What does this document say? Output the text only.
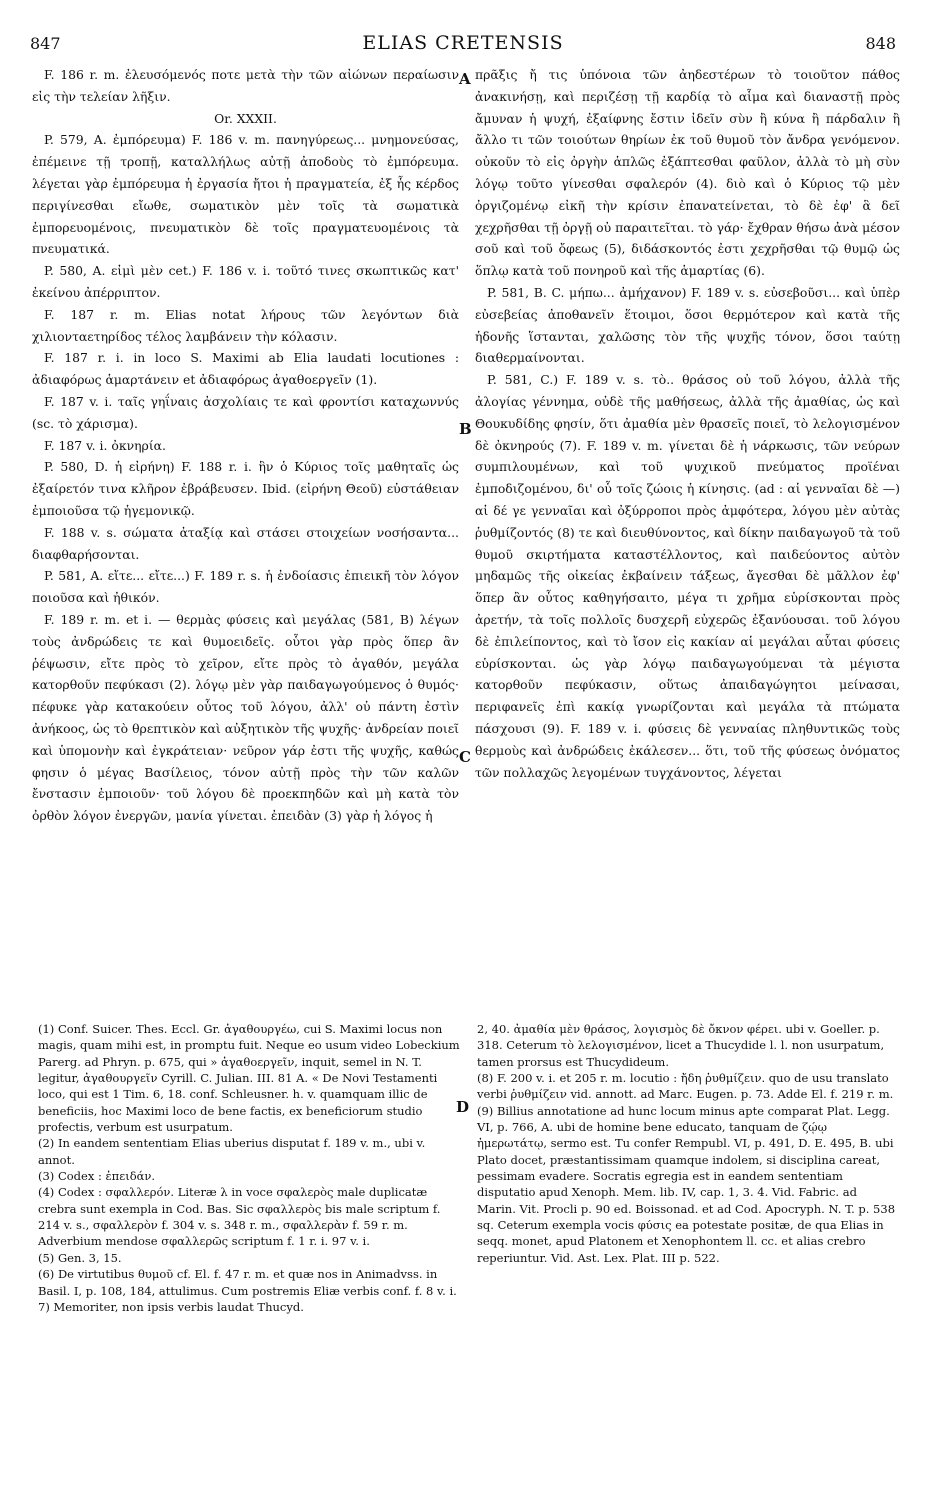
847	ELIAS CRETENSIS	848

F. 186 r. m. ἐλευσόμενός ποτε μετὰ τὴν τῶν αἰώνων περαίωσιν εἰς τὴν τελείαν λῆξιν.

Or. XXXII.

P. 579, A. ἐμπόρευμα) F. 186 v. m. πανηγύρεως... μνημονεύσας, ἐπέμεινε τῇ τροπῇ, καταλλήλως αὐτῇ ἀποδοὺς τὸ ἐμπόρευμα. λέγεται γὰρ ἐμπόρευμα ἡ ἐργασία ἤτοι ἡ πραγματεία, ἐξ ἧς κέρδος περιγίνεσθαι εἴωθε, σωματικὸν μὲν τοῖς τὰ σωματικὰ ἐμπορευομένοις, πνευματικὸν δὲ τοῖς πραγματευομένοις τὰ πνευματικά.

P. 580, A. εἰμὶ μὲν cet.) F. 186 v. i. τοῦτό τινες σκωπτικῶς κατ' ἐκείνου ἀπέρριπτον.

F. 187 r. m. Elias notat λήρους τῶν λεγόντων διὰ χιλιονταετηρίδος τέλος λαμβάνειν τὴν κόλασιν.

F. 187 r. i. in loco S. Maximi ab Elia laudati locutiones : ἀδιαφόρως ἁμαρτάνειν et ἀδιαφόρως ἀγαθοεργεῖν (1).

F. 187 v. i. ταῖς γηΐναις ἀσχολίαις τε καὶ φροντίσι καταχωννύς (sc. τὸ χάρισμα).

F. 187 v. i. ὀκνηρία.

P. 580, D. ἡ εἰρήνη) F. 188 r. i. ἣν ὁ Κύριος τοῖς μαθηταῖς ὡς ἐξαίρετόν τινα κλῆρον ἐβράβευσεν. Ibid. (εἰρήνη Θεοῦ) εὐστάθειαν ἐμποιοῦσα τῷ ἡγεμονικῷ.

F. 188 v. s. σώματα ἀταξίᾳ καὶ στάσει στοιχείων νοσήσαντα... διαφθαρήσονται.

P. 581, A. εἴτε... εἴτε...) F. 189 r. s. ἡ ἐνδοίασις ἐπιεικῆ τὸν λόγον ποιοῦσα καὶ ἠθικόν.

F. 189 r. m. et i. — θερμὰς φύσεις καὶ μεγάλας (581, B) λέγων τοὺς ἀνδρώδεις τε καὶ θυμοειδεῖς. οὗτοι γὰρ πρὸς ὅπερ ἂν ῥέψωσιν, εἴτε πρὸς τὸ χεῖρον, εἴτε πρὸς τὸ ἀγαθόν, μεγάλα κατορθοῦν πεφύκασι (2). λόγῳ μὲν γὰρ παιδαγωγούμενος ὁ θυμός· πέφυκε γὰρ κατακούειν οὗτος τοῦ λόγου, ἀλλ' οὐ πάντη ἐστὶν ἀνήκοος, ὡς τὸ θρεπτικὸν καὶ αὐξητικὸν τῆς ψυχῆς· ἀνδρείαν ποιεῖ καὶ ὑπομονὴν καὶ ἐγκράτειαν· νεῦρον γάρ ἐστι τῆς ψυχῆς, καθώς φησιν ὁ μέγας Βασίλειος, τόνον αὐτῇ πρὸς τὴν τῶν καλῶν ἔνστασιν ἐμποιοῦν· τοῦ λόγου δὲ προεκπηδῶν καὶ μὴ κατὰ τὸν ὀρθὸν λόγον ἐνεργῶν, μανία γίνεται. ἐπειδὰν (3) γὰρ ἡ λόγος ἡ

A
B
C
D

πρᾶξις ἤ τις ὑπόνοια τῶν ἀηδεστέρων τὸ τοιοῦτον πάθος ἀνακινήσῃ, καὶ περιζέσῃ τῇ καρδίᾳ τὸ αἷμα καὶ διαναστῇ πρὸς ἄμυναν ἡ ψυχή, ἐξαίφνης ἔστιν ἰδεῖν σὺν ἢ κύνα ἢ πάρδαλιν ἢ ἄλλο τι τῶν τοιούτων θηρίων ἐκ τοῦ θυμοῦ τὸν ἄνδρα γενόμενον. οὐκοῦν τὸ εἰς ὀργὴν ἁπλῶς ἐξάπτεσθαι φαῦλον, ἀλλὰ τὸ μὴ σὺν λόγῳ τοῦτο γίνεσθαι σφαλερόν (4). διὸ καὶ ὁ Κύριος τῷ μὲν ὀργιζομένῳ εἰκῆ τὴν κρίσιν ἐπανατείνεται, τὸ δὲ ἐφ' ἃ δεῖ χεχρῆσθαι τῇ ὀργῇ οὐ παραιτεῖται. τὸ γάρ· ἔχθραν θήσω ἀνὰ μέσον σοῦ καὶ τοῦ ὄφεως (5), διδάσκοντός ἐστι χεχρῆσθαι τῷ θυμῷ ὡς ὅπλῳ κατὰ τοῦ πονηροῦ καὶ τῆς ἁμαρτίας (6).

P. 581, B. C. μήπω... ἀμήχανον) F. 189 v. s. εὐσεβοῦσι... καὶ ὑπὲρ εὐσεβείας ἀποθανεῖν ἕτοιμοι, ὅσοι θερμότερον καὶ κατὰ τῆς ἡδονῆς ἵστανται, χαλῶσης τὸν τῆς ψυχῆς τόνον, ὅσοι ταύτῃ διαθερμαίνονται.

P. 581, C.) F. 189 v. s. τὸ.. θράσος οὐ τοῦ λόγου, ἀλλὰ τῆς ἀλογίας γέννημα, οὐδὲ τῆς μαθήσεως, ἀλλὰ τῆς ἀμαθίας, ὡς καὶ Θουκυδίδης φησίν, ὅτι ἀμαθία μὲν θρασεῖς ποιεῖ, τὸ λελογισμένον δὲ ὀκνηρούς (7). F. 189 v. m. γίνεται δὲ ἡ νάρκωσις, τῶν νεύρων συμπιλουμένων, καὶ τοῦ ψυχικοῦ πνεύματος προϊέναι ἐμποδιζομένου, δι' οὗ τοῖς ζώοις ἡ κίνησις. (ad : αἱ γενναῖαι δὲ —) αἱ δέ γε γενναῖαι καὶ ὀξύρροποι πρὸς ἀμφότερα, λόγου μὲν αὐτὰς ῥυθμίζοντός (8) τε καὶ διευθύνοντος, καὶ δίκην παιδαγωγοῦ τὰ τοῦ θυμοῦ σκιρτήματα καταστέλλοντος, καὶ παιδεύοντος αὐτὸν μηδαμῶς τῆς οἰκείας ἐκβαίνειν τάξεως, ἄγεσθαι δὲ μᾶλλον ἐφ' ὅπερ ἂν οὗτος καθηγήσαιτο, μέγα τι χρῆμα εὑρίσκονται πρὸς ἀρετήν, τὰ τοῖς πολλοῖς δυσχερῆ εὐχερῶς ἐξανύουσαι. τοῦ λόγου δὲ ἐπιλείποντος, καὶ τὸ ἴσον εἰς κακίαν αἱ μεγάλαι αὗται φύσεις εὑρίσκονται. ὡς γὰρ λόγῳ παιδαγωγούμεναι τὰ μέγιστα κατορθοῦν πεφύκασιν, οὕτως ἀπαιδαγώγητοι μείνασαι, περιφανεῖς ἐπὶ κακίᾳ γνωρίζονται καὶ μεγάλα τὰ πτώματα πάσχουσι (9). F. 189 v. i. φύσεις δὲ γενναίας πληθυντικῶς τοὺς θερμοὺς καὶ ἀνδρώδεις ἐκάλεσεν... ὅτι, τοῦ τῆς φύσεως ὀνόματος τῶν πολλαχῶς λεγομένων τυγχάνοντος, λέγεται

(1) Conf. Suicer. Thes. Eccl. Gr. ἀγαθουργέω, cui S. Maximi locus non magis, quam mihi est, in promptu fuit. Neque eo usum video Lobeckium Parerg. ad Phryn. p. 675, qui » ἀγαθοεργεῖν, inquit, semel in N. T. legitur, ἀγαθουργεῖν Cyrill. C. Julian. III. 81 A. « De Novi Testamenti loco, qui est 1 Tim. 6, 18. conf. Schleusner. h. v. quamquam illic de beneficiis, hoc Maximi loco de bene factis, ex beneficiorum studio profectis, verbum est usurpatum.

(2) In eandem sententiam Elias uberius disputat f. 189 v. m., ubi v. annot.

(3) Codex : ἐπειδάν.

(4) Codex : σφαλλερόν. Literæ λ in voce σφαλερὸς male duplicatæ crebra sunt exempla in Cod. Bas. Sic σφαλλερὸς bis male scriptum f. 214 v. s., σφαλλερὸν f. 304 v. s. 348 r. m., σφαλλερὰν f. 59 r. m. Adverbium mendose σφαλλερῶς scriptum f. 1 r. i. 97 v. i.

(5) Gen. 3, 15.

(6) De virtutibus θυμοῦ cf. El. f. 47 r. m. et quæ nos in Animadvss. in Basil. I, p. 108, 184, attulimus. Cum postremis Eliæ verbis conf. f. 8 v. i.

7) Memoriter, non ipsis verbis laudat Thucyd.

2, 40. ἀμαθία μὲν θράσος, λογισμὸς δὲ ὄκνον φέρει. ubi v. Goeller. p. 318. Ceterum τὸ λελογισμένον, licet a Thucydide l. l. non usurpatum, tamen prorsus est Thucydideum.

(8) F. 200 v. i. et 205 r. m. locutio : ἤδη ῥυθμίζειν. quo de usu translato verbi ῥυθμίζειν vid. annott. ad Marc. Eugen. p. 73. Adde El. f. 219 r. m.

(9) Billius annotatione ad hunc locum minus apte comparat Plat. Legg. VI, p. 766, A. ubi de homine bene educato, tanquam de ζῴῳ ἡμερωτάτῳ, sermo est. Tu confer Rempubl. VI, p. 491, D. E. 495, B. ubi Plato docet, præstantissimam quamque indolem, si disciplina careat, pessimam evadere. Socratis egregia est in eandem sententiam disputatio apud Xenoph. Mem. lib. IV, cap. 1, 3. 4. Vid. Fabric. ad Marin. Vit. Procli p. 90 ed. Boissonad. et ad Cod. Apocryph. N. T. p. 538 sq. Ceterum exempla vocis φύσις ea potestate positæ, de qua Elias in seqq. monet, apud Platonem et Xenophontem ll. cc. et alias crebro reperiuntur. Vid. Ast. Lex. Plat. III p. 522.
